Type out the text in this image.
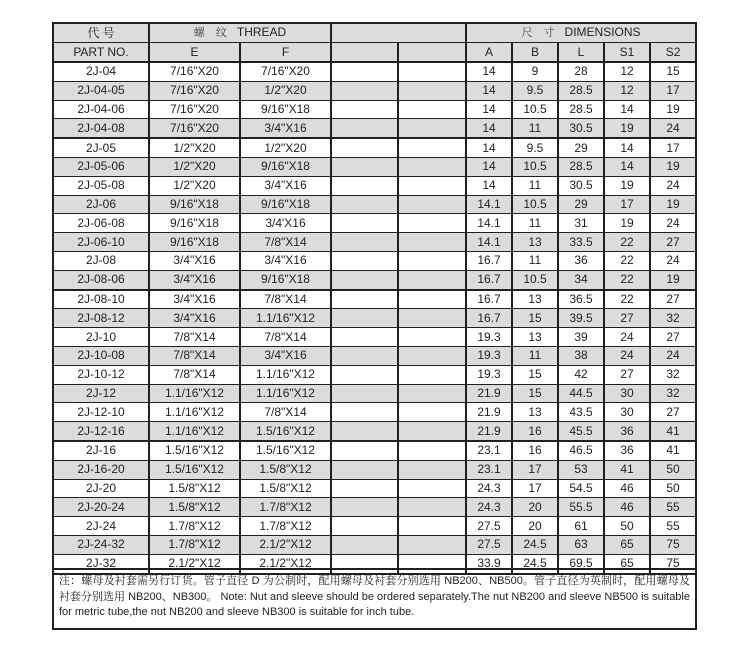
代 号	螺 纹 THREAD				尺 寸 DIMENSIONS				
PART NO.	E	F			A	B	L	S1	S2
2J-04	7/16"X20	7/16"X20			14	9	28	12	15
2J-04-05	7/16"X20	1/2"X20			14	9.5	28.5	12	17
2J-04-06	7/16"X20	9/16"X18			14	10.5	28.5	14	19
2J-04-08	7/16"X20	3/4"X16			14	11	30.5	19	24
2J-05	1/2"X20	1/2"X20			14	9.5	29	14	17
2J-05-06	1/2"X20	9/16"X18			14	10.5	28.5	14	19
2J-05-08	1/2"X20	3/4"X16			14	11	30.5	19	24
2J-06	9/16"X18	9/16"X18			14.1	10.5	29	17	19
2J-06-08	9/16"X18	3/4'X16			14.1	11	31	19	24
2J-06-10	9/16"X18	7/8"X14			14.1	13	33.5	22	27
2J-08	3/4"X16	3/4"X16			16.7	11	36	22	24
2J-08-06	3/4"X16	9/16"X18			16.7	10.5	34	22	19
2J-08-10	3/4"X16	7/8"X14			16.7	13	36.5	22	27
2J-08-12	3/4"X16	1.1/16"X12			16.7	15	39.5	27	32
2J-10	7/8"X14	7/8"X14			19.3	13	39	24	27
2J-10-08	7/8"X14	3/4"X16			19.3	11	38	24	24
2J-10-12	7/8"X14	1.1/16"X12			19.3	15	42	27	32
2J-12	1.1/16"X12	1.1/16"X12			21.9	15	44.5	30	32
2J-12-10	1.1/16"X12	7/8"X14			21.9	13	43.5	30	27
2J-12-16	1.1/16"X12	1.5/16"X12			21.9	16	45.5	36	41
2J-16	1.5/16"X12	1.5/16"X12			23.1	16	46.5	36	41
2J-16-20	1.5/16"X12	1.5/8"X12			23.1	17	53	41	50
2J-20	1.5/8"X12	1.5/8"X12			24.3	17	54.5	46	50
2J-20-24	1.5/8"X12	1.7/8"X12			24.3	20	55.5	46	55
2J-24	1.7/8"X12	1.7/8"X12			27.5	20	61	50	55
2J-24-32	1.7/8"X12	2.1/2"X12			27.5	24.5	63	65	75
2J-32	2.1/2"X12	2.1/2"X12			33.9	24.5	69.5	65	75
注：螺母及衬套需另行订货。管子直径 D 为公制时，配用螺母及衬套分别选用 NB200、NB500。管子直径为英制时，配用螺母及衬套分别选用 NB200、NB300。 Note: Nut and sleeve should be ordered separately.The nut NB200 and sleeve NB500 is suitable for metric tube,the nut NB200 and sleeve NB300 is suitable for inch tube.
